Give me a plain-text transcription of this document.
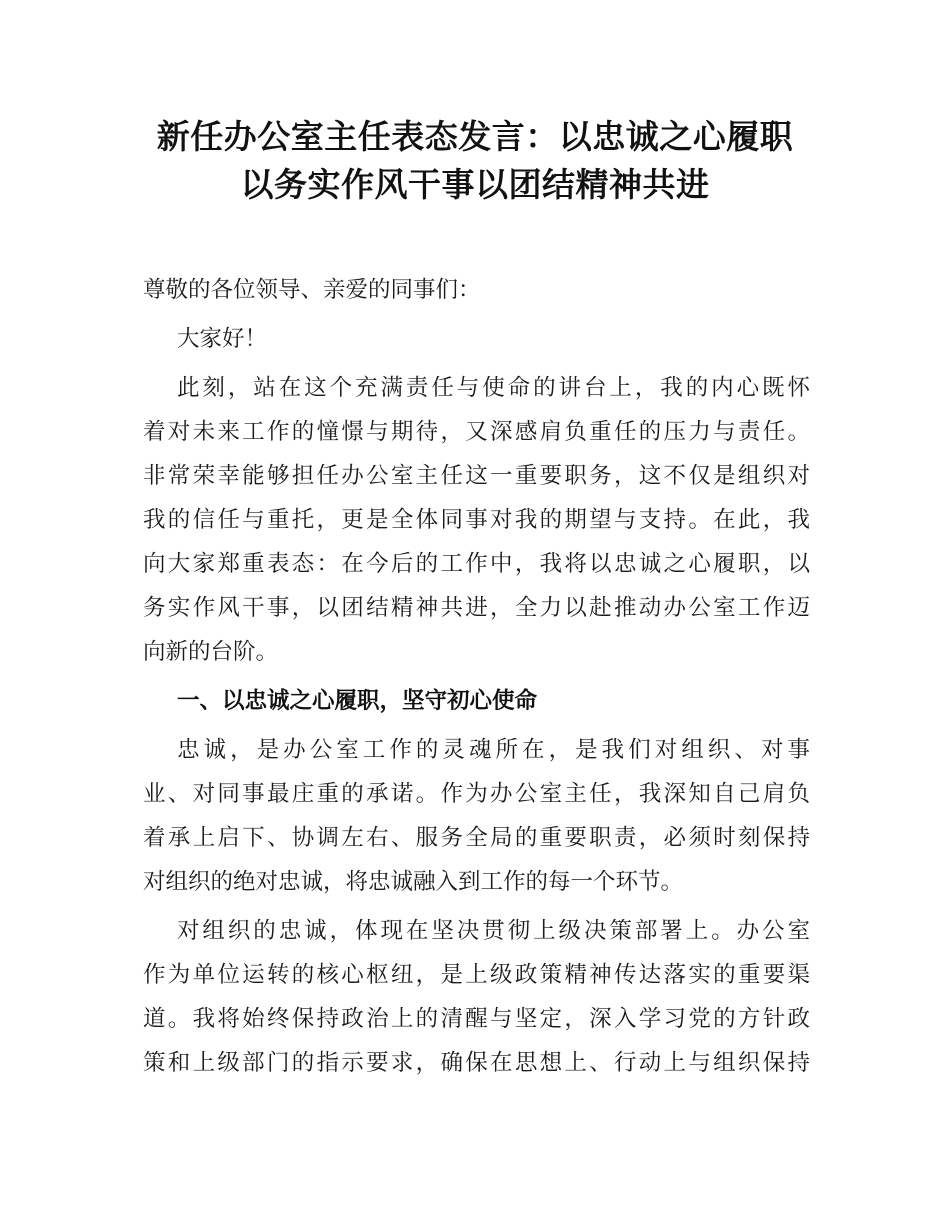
新任办公室主任表态发言：以忠诚之心履职
以务实作风干事以团结精神共进
尊敬的各位领导、亲爱的同事们：
大家好！
此刻，站在这个充满责任与使命的讲台上，我的内心既怀
着对未来工作的憧憬与期待，又深感肩负重任的压力与责任。
非常荣幸能够担任办公室主任这一重要职务，这不仅是组织对
我的信任与重托，更是全体同事对我的期望与支持。在此，我
向大家郑重表态：在今后的工作中，我将以忠诚之心履职，以
务实作风干事，以团结精神共进，全力以赴推动办公室工作迈
向新的台阶。
一、以忠诚之心履职，坚守初心使命
忠诚，是办公室工作的灵魂所在，是我们对组织、对事
业、对同事最庄重的承诺。作为办公室主任，我深知自己肩负
着承上启下、协调左右、服务全局的重要职责，必须时刻保持
对组织的绝对忠诚，将忠诚融入到工作的每一个环节。
对组织的忠诚，体现在坚决贯彻上级决策部署上。办公室
作为单位运转的核心枢纽，是上级政策精神传达落实的重要渠
道。我将始终保持政治上的清醒与坚定，深入学习党的方针政
策和上级部门的指示要求，确保在思想上、行动上与组织保持
